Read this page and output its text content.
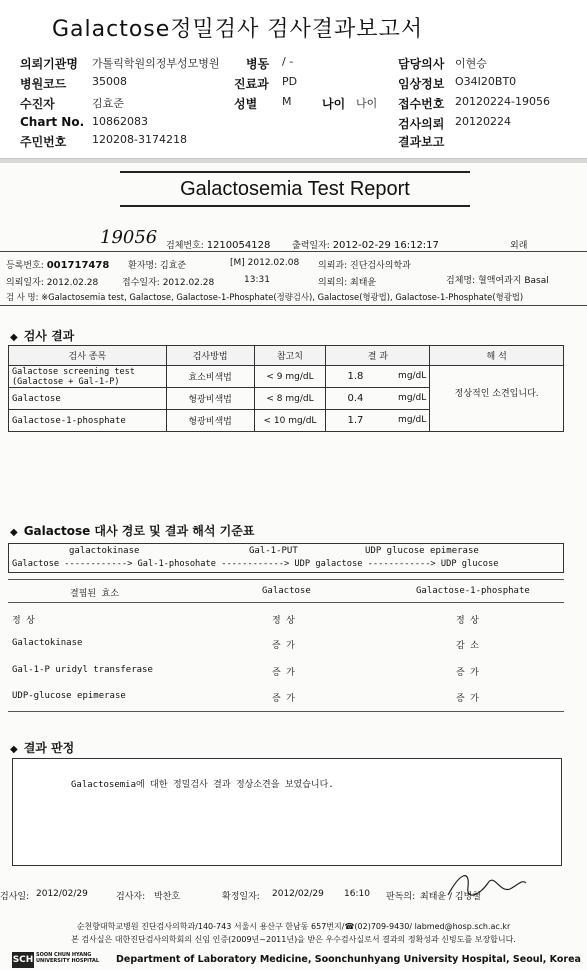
Galactose정밀검사 검사결과보고서
의뢰기관명 가톨릭학원의정부성모병원 병동 / -	담당의사 이현승
병원코드 35008	진료과 PD	임상정보 O34I20BT0
수진자	김효준	성별 M	나이 나이 접수번호 20120224-19056
Chart No. 10862083	검사의뢰 20120224
주민번호 120208-3174218	결과보고
Galactosemia Test Report
19056 검체번호: 1210054128 출력일자: 2012-02-29 16:12:17	외래
등록번호: 001717478 환자명: 김효준	[M] 2012.02.08 의뢰과: 진단검사의학과
의뢰일자: 2012.02.28	접수일자: 2012.02.28	13:31	의뢰의: 최태윤	검체명: 혈액여과지 Basal
검 사 명: ※Galactosemia test, Galactose, Galactose-1-Phosphate(정량검사), Galactose(형광법), Galactose-1-Phosphate(형광법)
◆ 검사 결과
검사 종목	검사방법	참고치	결 과	해 석
Galactose screening test (Galactose + Gal-1-P)	효소비색법	< 9 mg/dL	1.8 mg/dL	정상적인 소견입니다.
Galactose	형광비색법	< 8 mg/dL	0.4 mg/dL	

Galactose-1-phosphate	형광비색법	< 10 mg/dL	1.7 mg/dL	
◆ Galactose 대사 경로 및 결과 해석 기준표
galactokinase	Gal-1-PUT	UDP glucose epimerase
Galactose ------------> Gal-1-phosohate ------------> UDP galactose ------------> UDP glucose
결핍된 효소	Galactose	Galactose-1-phosphate
정 상	정 상	정 상
Galactokinase	증 가	감 소
Gal-1-P uridyl transferase	증 가	증 가
UDP-glucose epimerase	증 가	증 가
◆ 결과 판정
Galactosemia에 대한 정밀검사 결과 정상소견을 보였습니다.
검사일: 2012/02/29	검사자: 박찬호	확정일자: 2012/02/29 16:10 판독의: 최태윤 / 김병철
순천향대학교병원 진단검사의학과/140-743 서울시 용산구 한남동 657번지/☎(02)709-9430/ labmed@hosp.sch.ac.kr
본 검사실은 대한진단검사의학회의 신임 인증(2009년~2011년)을 받은 우수검사실로서 결과의 정확성과 신빙도를 보장합니다.
SCH SOON CHUN HYANG UNIVERSITY HOSPITAL	Department of Laboratory Medicine, Soonchunhyang University Hospital, Seoul, Korea
